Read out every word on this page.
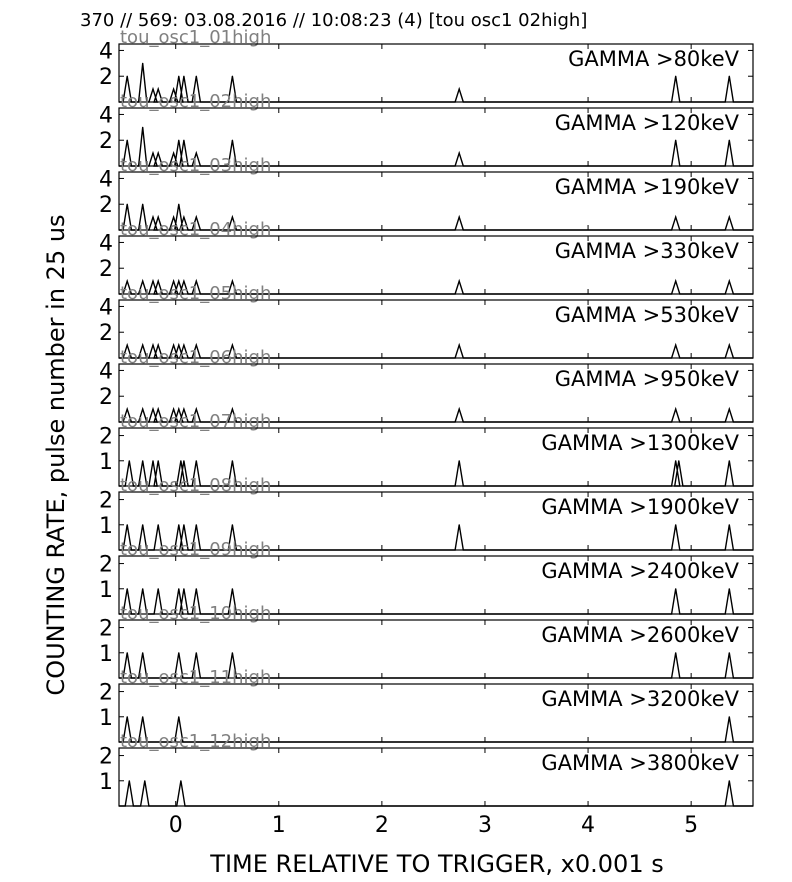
370 // 569: 03.08.2016 // 10:08:23 (4) [tou osc1 02high]
tou_osc1_01high
2
4	GAMMA >80keV
tou_osc1_02high
2
4	GAMMA >120keV
tou_osc1_03high
2
4	GAMMA >190keV
tou_osc1_04high
2
4	GAMMA >330keV
tou_osc1_05high
2
4	GAMMA >530keV
tou_osc1_06high
2
4	GAMMA >950keV
tou_osc1_07high
1
2	GAMMA >1300keV
tou_osc1_08high
1
2	GAMMA >1900keV
tou_osc1_09high
1
2	GAMMA >2400keV
tou_osc1_10high
1
2	GAMMA >2600keV
tou_osc1_11high
1
2	GAMMA >3200keV
tou_osc1_12high
1
2	GAMMA >3800keV
0	1	2	3	4	5
COUNTING RATE, pulse number in 25 us
TIME RELATIVE TO TRIGGER, x0.001 s
